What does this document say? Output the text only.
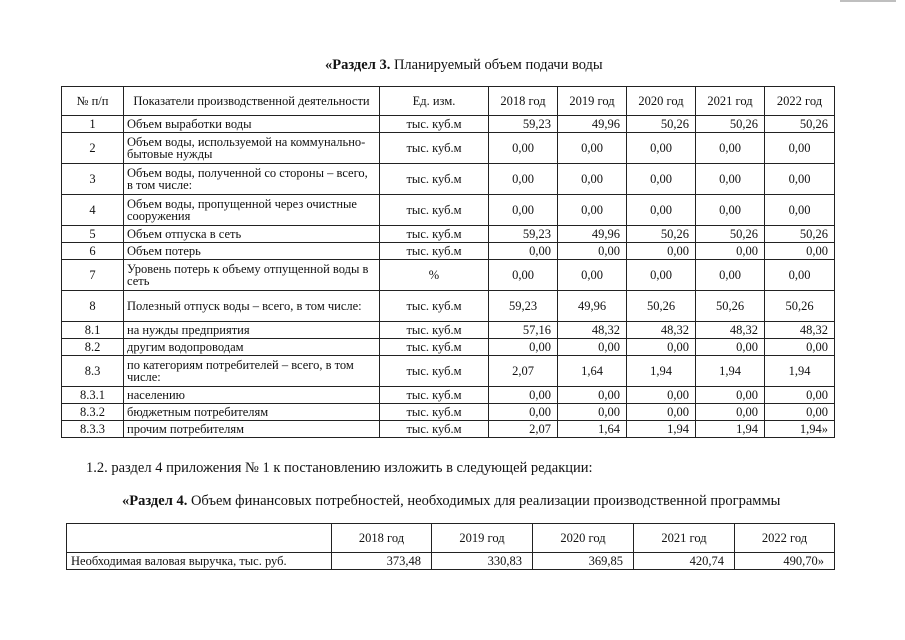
«Раздел 3. Планируемый объем подачи воды
№ п/п	Показатели производственной деятельности	Ед. изм.	2018 год	2019 год	2020 год	2021 год	2022 год
1	Объем выработки воды	тыс. куб.м	59,23	49,96	50,26	50,26	50,26
2	Объем воды, используемой на коммунально-бытовые нужды	тыс. куб.м	0,00	0,00	0,00	0,00	0,00
3	Объем воды, полученной со стороны – всего, в том числе:	тыс. куб.м	0,00	0,00	0,00	0,00	0,00
4	Объем воды, пропущенной через очистные сооружения	тыс. куб.м	0,00	0,00	0,00	0,00	0,00
5	Объем отпуска в сеть	тыс. куб.м	59,23	49,96	50,26	50,26	50,26
6	Объем потерь	тыс. куб.м	0,00	0,00	0,00	0,00	0,00
7	Уровень потерь к объему отпущенной воды в сеть	%	0,00	0,00	0,00	0,00	0,00
8	Полезный отпуск воды – всего, в том числе:	тыс. куб.м	59,23	49,96	50,26	50,26	50,26
8.1	на нужды предприятия	тыс. куб.м	57,16	48,32	48,32	48,32	48,32
8.2	другим водопроводам	тыс. куб.м	0,00	0,00	0,00	0,00	0,00
8.3	по категориям потребителей – всего, в том числе:	тыс. куб.м	2,07	1,64	1,94	1,94	1,94
8.3.1	населению	тыс. куб.м	0,00	0,00	0,00	0,00	0,00
8.3.2	бюджетным потребителям	тыс. куб.м	0,00	0,00	0,00	0,00	0,00
8.3.3	прочим потребителям	тыс. куб.м	2,07	1,64	1,94	1,94	1,94»
1.2. раздел 4 приложения № 1 к постановлению изложить в следующей редакции:
«Раздел 4. Объем финансовых потребностей, необходимых для реализации производственной программы
	2018 год	2019 год	2020 год	2021 год	2022 год
Необходимая валовая выручка, тыс. руб.	373,48	330,83	369,85	420,74	490,70»
